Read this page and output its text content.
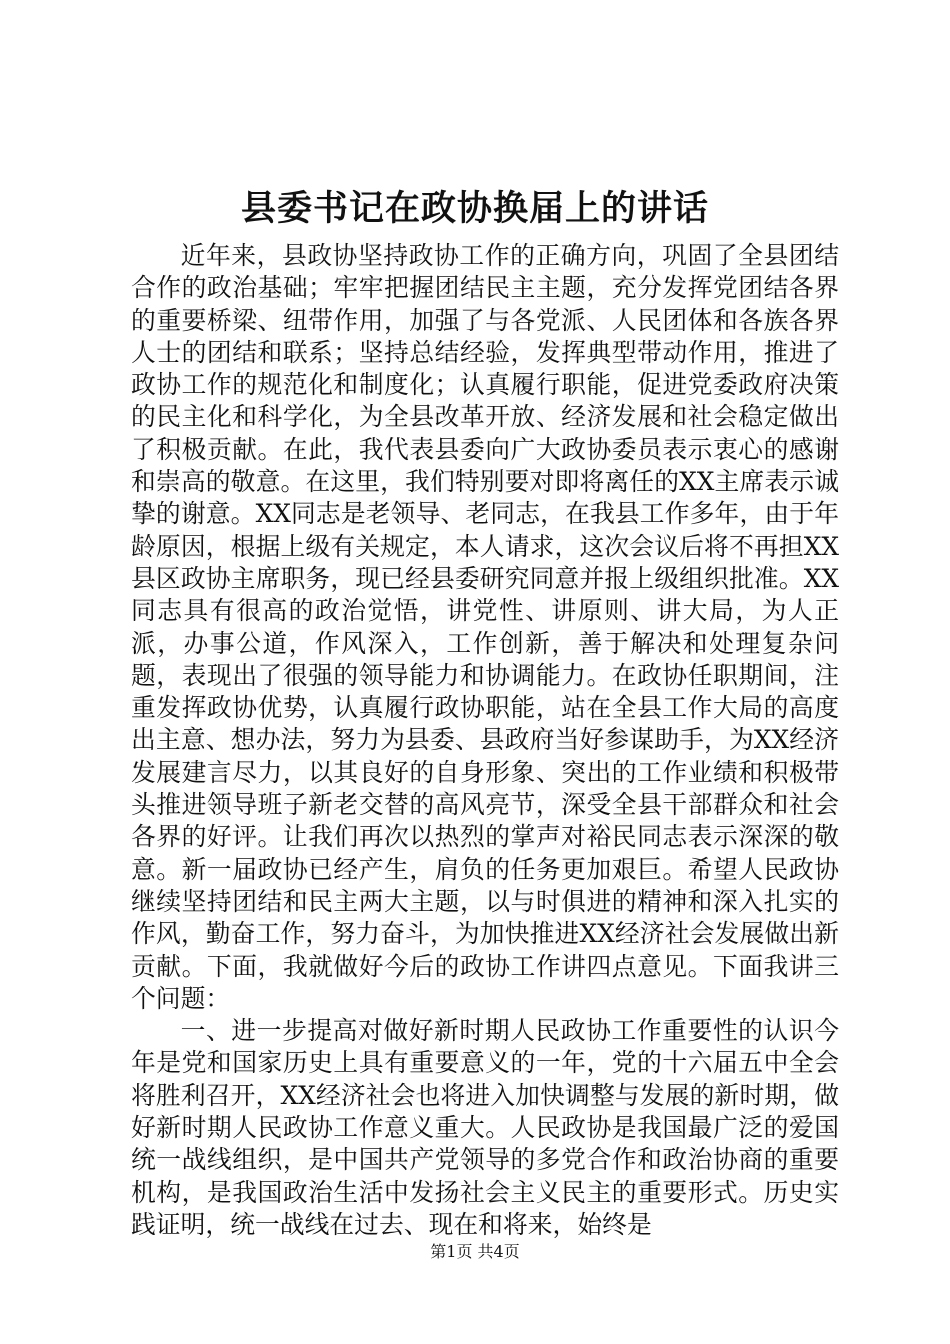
县委书记在政协换届上的讲话

近年来，县政协坚持政协工作的正确方向，巩固了全县团结合作的政治基础；牢牢把握团结民主主题，充分发挥党团结各界的重要桥梁、纽带作用，加强了与各党派、人民团体和各族各界人士的团结和联系；坚持总结经验，发挥典型带动作用，推进了政协工作的规范化和制度化；认真履行职能，促进党委政府决策的民主化和科学化，为全县改革开放、经济发展和社会稳定做出了积极贡献。在此，我代表县委向广大政协委员表示衷心的感谢和崇高的敬意。在这里，我们特别要对即将离任的XX主席表示诚挚的谢意。XX同志是老领导、老同志，在我县工作多年，由于年龄原因，根据上级有关规定，本人请求，这次会议后将不再担XX县区政协主席职务，现已经县委研究同意并报上级组织批准。XX同志具有很高的政治觉悟，讲党性、讲原则、讲大局，为人正派，办事公道，作风深入，工作创新，善于解决和处理复杂问题，表现出了很强的领导能力和协调能力。在政协任职期间，注重发挥政协优势，认真履行政协职能，站在全县工作大局的高度出主意、想办法，努力为县委、县政府当好参谋助手，为XX经济发展建言尽力，以其良好的自身形象、突出的工作业绩和积极带头推进领导班子新老交替的高风亮节，深受全县干部群众和社会各界的好评。让我们再次以热烈的掌声对裕民同志表示深深的敬意。新一届政协已经产生，肩负的任务更加艰巨。希望人民政协继续坚持团结和民主两大主题，以与时俱进的精神和深入扎实的作风，勤奋工作，努力奋斗，为加快推进XX经济社会发展做出新贡献。下面，我就做好今后的政协工作讲四点意见。下面我讲三个问题：

一、进一步提高对做好新时期人民政协工作重要性的认识今年是党和国家历史上具有重要意义的一年，党的十六届五中全会将胜利召开，XX经济社会也将进入加快调整与发展的新时期，做好新时期人民政协工作意义重大。人民政协是我国最广泛的爱国统一战线组织，是中国共产党领导的多党合作和政治协商的重要机构，是我国政治生活中发扬社会主义民主的重要形式。历史实践证明，统一战线在过去、现在和将来，始终是

第1页 共4页
